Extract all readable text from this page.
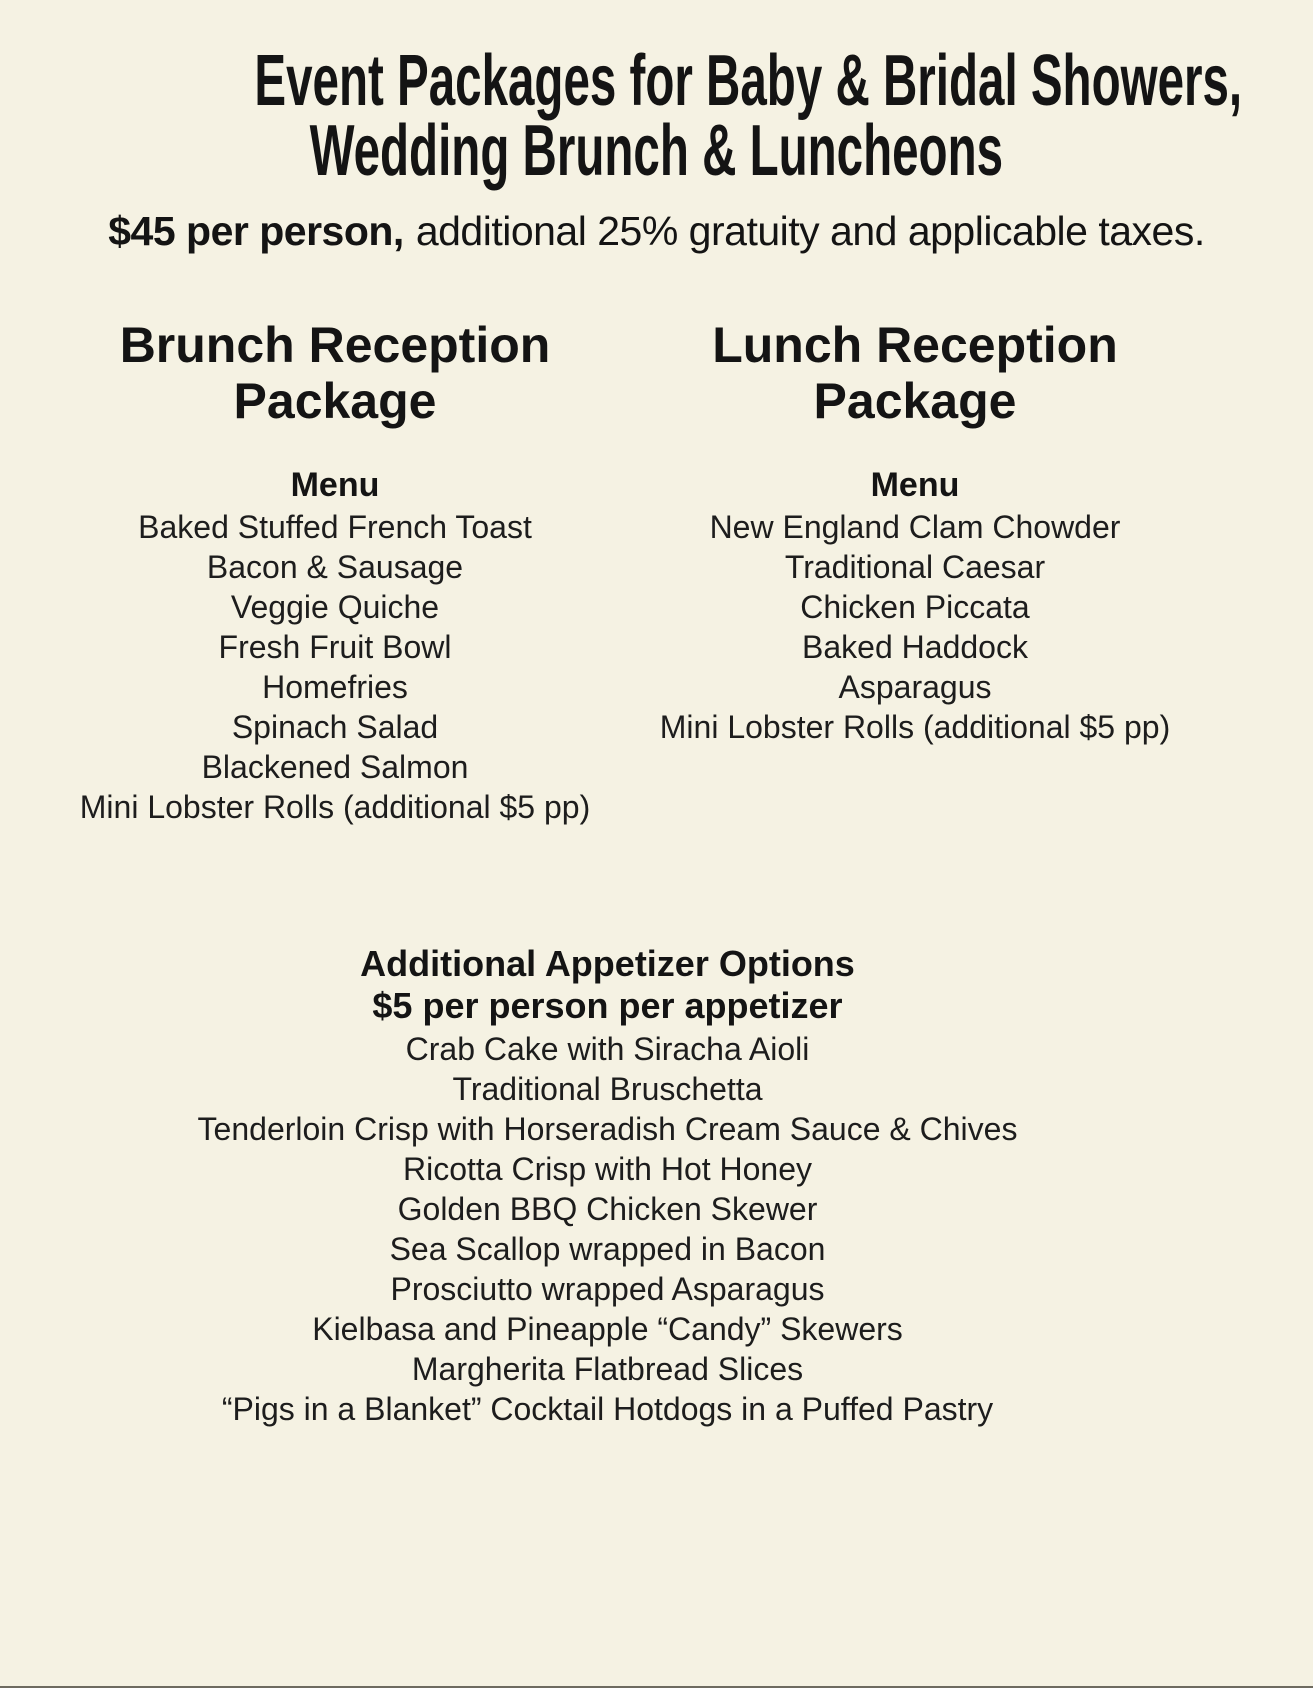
Event Packages for Baby & Bridal Showers,
Wedding Brunch & Luncheons
$45 per person, additional 25% gratuity and applicable taxes.
Brunch Reception
Package
Menu
Baked Stuffed French Toast
Bacon & Sausage
Veggie Quiche
Fresh Fruit Bowl
Homefries
Spinach Salad
Blackened Salmon
Mini Lobster Rolls (additional $5 pp)
Lunch Reception
Package
Menu
New England Clam Chowder
Traditional Caesar
Chicken Piccata
Baked Haddock
Asparagus
Mini Lobster Rolls (additional $5 pp)
Additional Appetizer Options
$5 per person per appetizer
Crab Cake with Siracha Aioli
Traditional Bruschetta
Tenderloin Crisp with Horseradish Cream Sauce & Chives
Ricotta Crisp with Hot Honey
Golden BBQ Chicken Skewer
Sea Scallop wrapped in Bacon
Prosciutto wrapped Asparagus
Kielbasa and Pineapple “Candy” Skewers
Margherita Flatbread Slices
“Pigs in a Blanket” Cocktail Hotdogs in a Puffed Pastry
